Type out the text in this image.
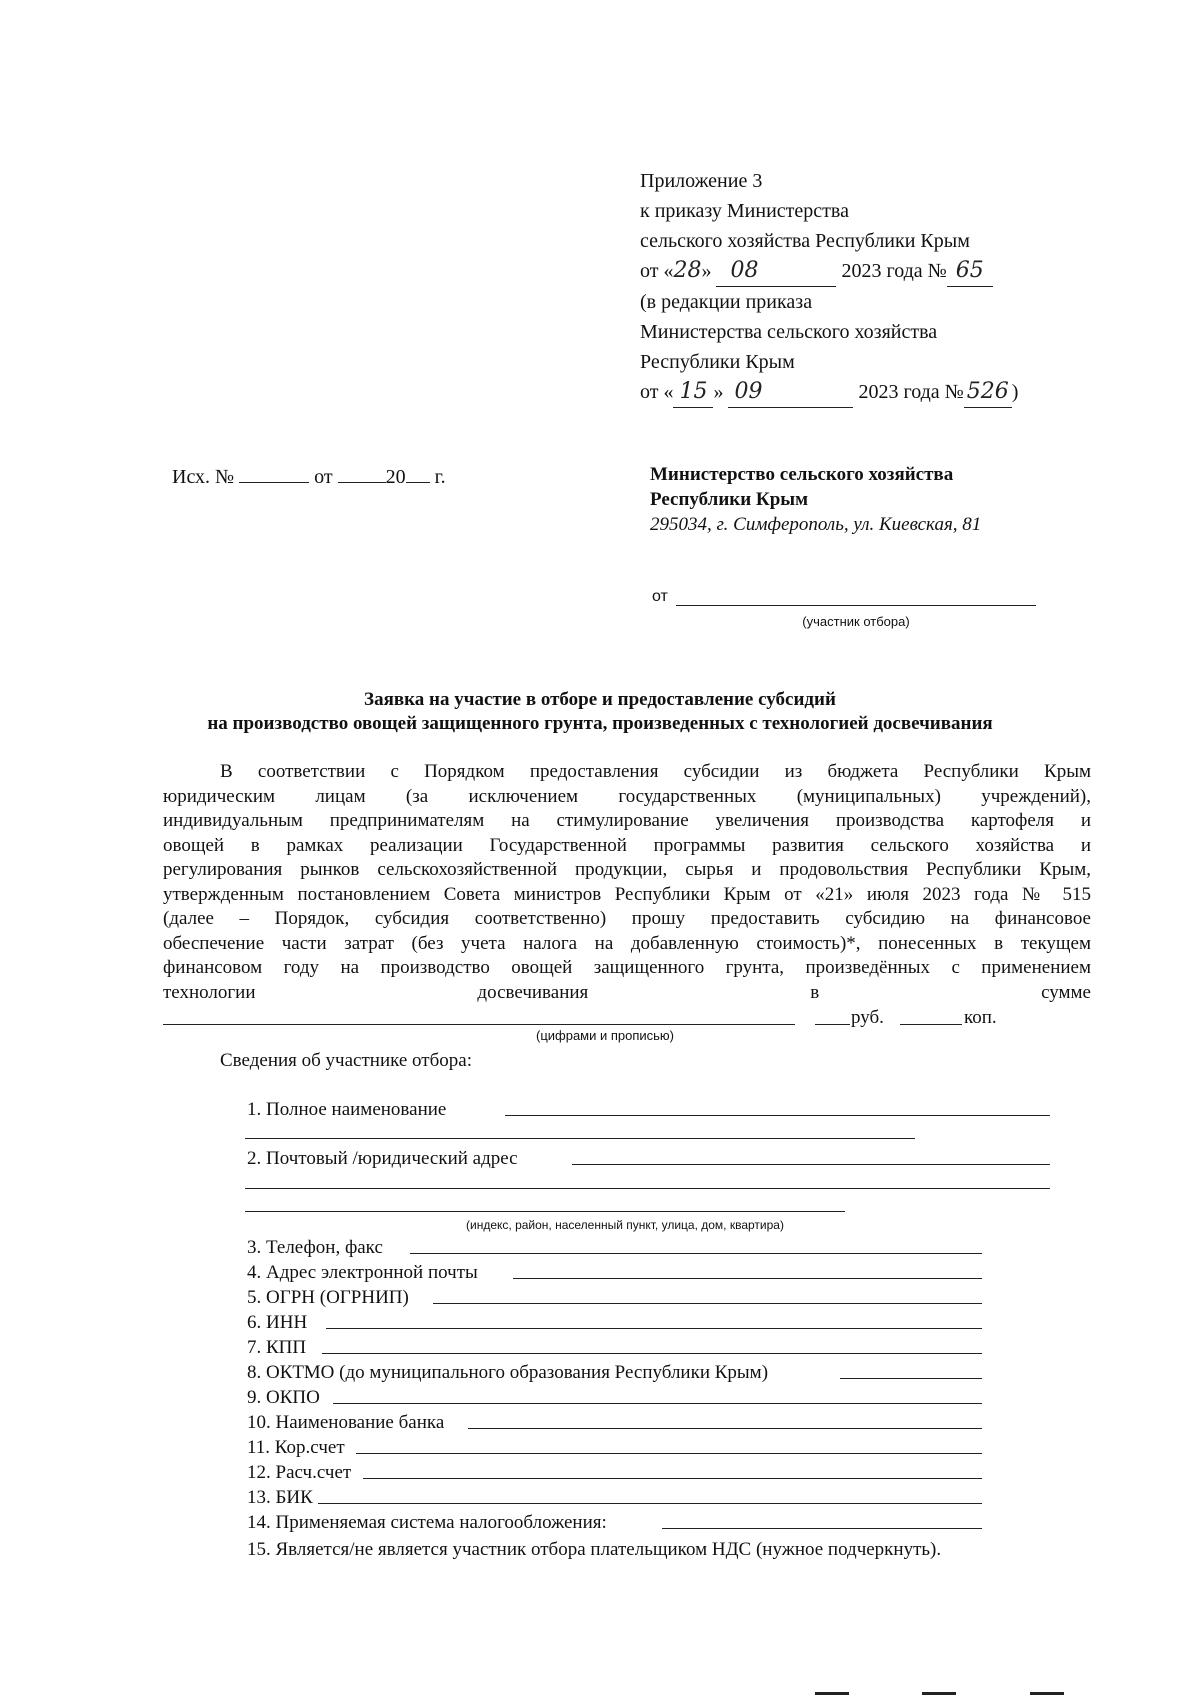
Приложение 3
к приказу Министерства
сельского хозяйства Республики Крым
от «28» 08	2023 года № 65
(в редакции приказа
Министерства сельского хозяйства
Республики Крым
от « 15 » 09	2023 года № 526 )
Исх. №	от	20 г.	Министерство сельского хозяйства
Республики Крым
295034, г. Симферополь, ул. Киевская, 81
от
(участник отбора)
Заявка на участие в отборе и предоставление субсидий
на производство овощей защищенного грунта, произведенных с технологией досвечивания
В соответствии с Порядком предоставления субсидии из бюджета Республики Крым
юридическим лицам (за исключением государственных (муниципальных) учреждений),
индивидуальным предпринимателям на стимулирование увеличения производства картофеля и
овощей в рамках реализации Государственной программы развития сельского хозяйства и
регулирования рынков сельскохозяйственной продукции, сырья и продовольствия Республики Крым,
утвержденным постановлением Совета министров Республики Крым от «21» июля 2023 года № 515
(далее – Порядок, субсидия соответственно) прошу предоставить субсидию на финансовое
обеспечение части затрат (без учета налога на добавленную стоимость)*, понесенных в текущем
финансовом году на производство овощей защищенного грунта, произведённых с применением
технологии досвечивания в сумме
руб.	коп.
(цифрами и прописью)
Сведения об участнике отбора:
1. Полное наименование
2. Почтовый /юридический адрес
(индекс, район, населенный пункт, улица, дом, квартира)
3. Телефон, факс
4. Адрес электронной почты
5. ОГРН (ОГРНИП)
6. ИНН
7. КПП
8. ОКТМО (до муниципального образования Республики Крым)
9. ОКПО
10. Наименование банка
11. Кор.счет
12. Расч.счет
13. БИК
14. Применяемая система налогообложения:
15. Является/не является участник отбора плательщиком НДС (нужное подчеркнуть).
